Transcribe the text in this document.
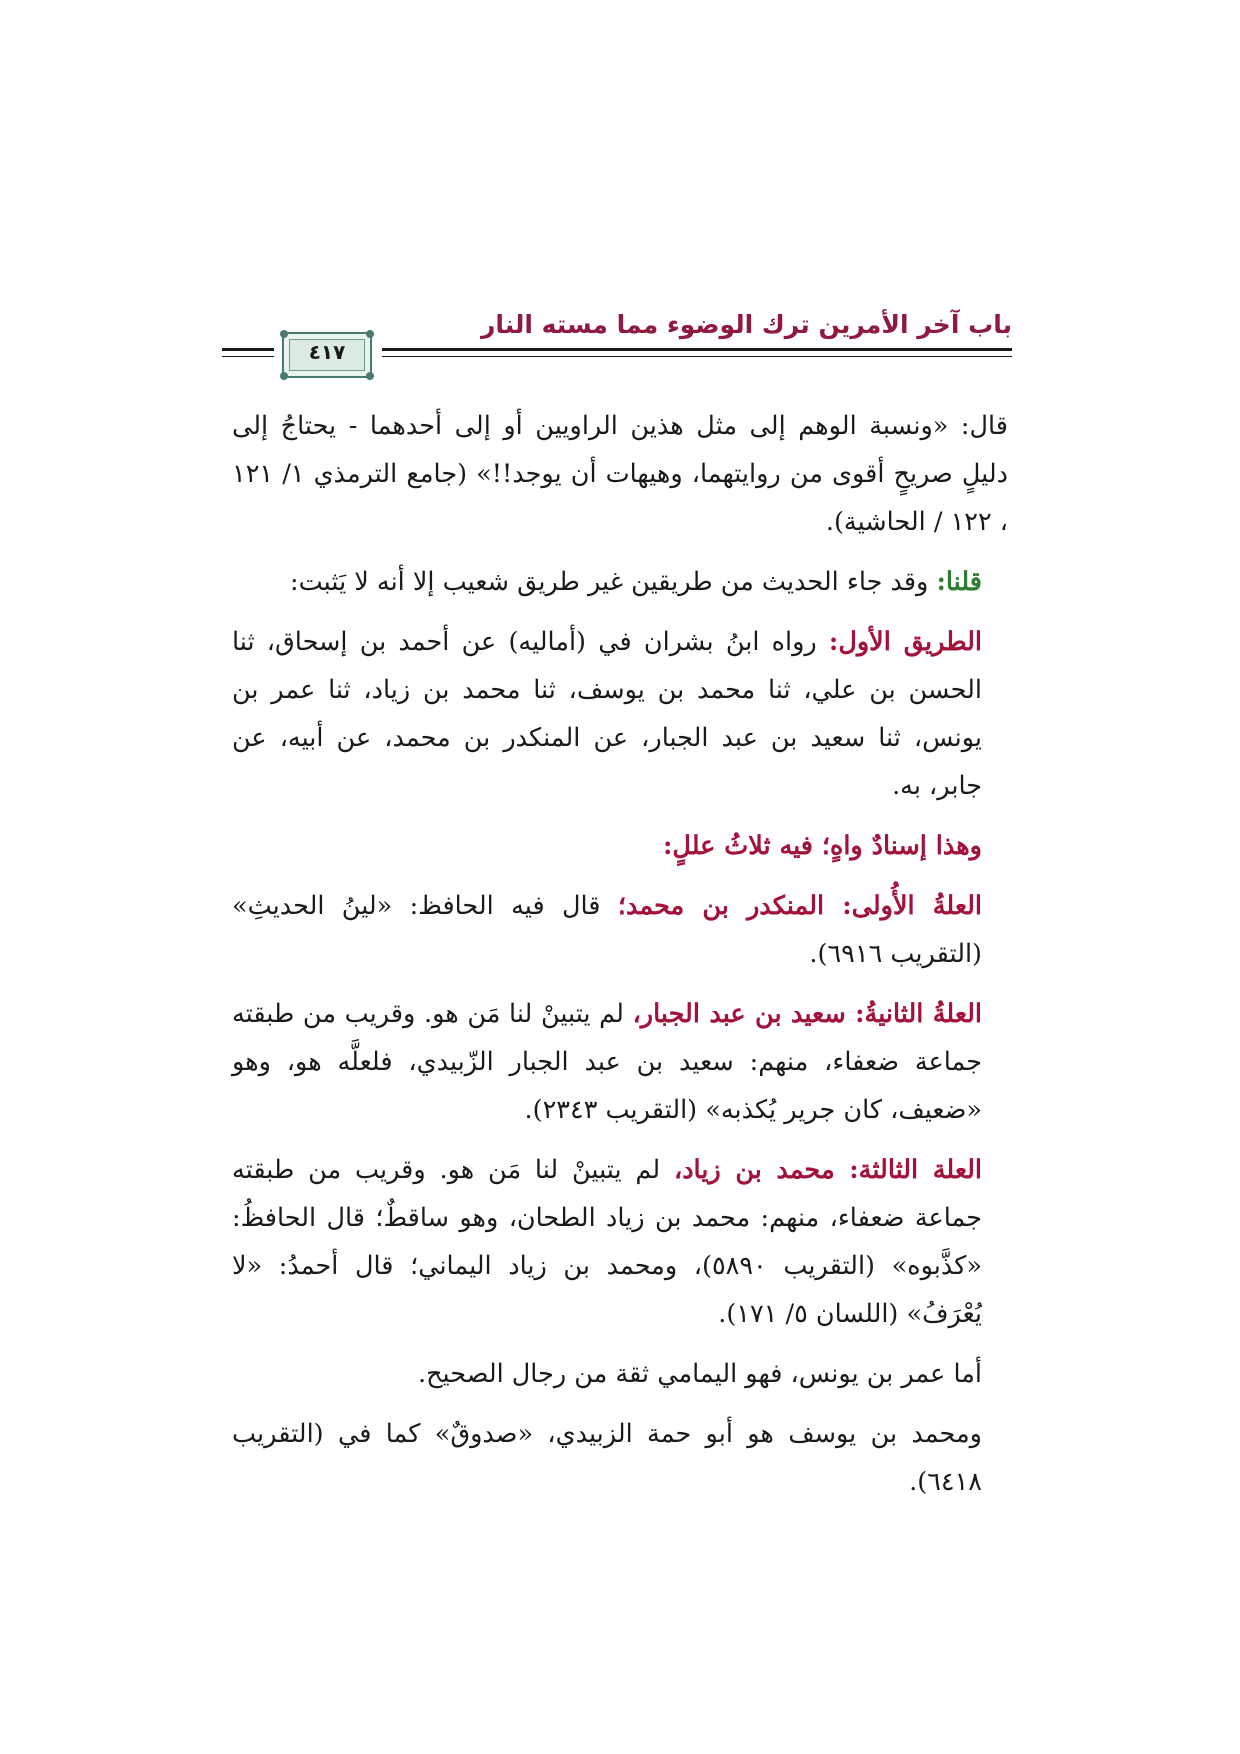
باب آخر الأمرين ترك الوضوء مما مسته النار
٤١٧

قال: «ونسبة الوهم إلى مثل هذين الراويين أو إلى أحدهما - يحتاجُ إلى دليلٍ صريحٍ أقوى من روايتهما، وهيهات أن يوجد!!» (جامع الترمذي ١/ ١٢١ ، ١٢٢ / الحاشية).

قلنا: وقد جاء الحديث من طريقين غير طريق شعيب إلا أنه لا يَثبت:

الطريق الأول: رواه ابنُ بشران في (أماليه) عن أحمد بن إسحاق، ثنا الحسن بن علي، ثنا محمد بن يوسف، ثنا محمد بن زياد، ثنا عمر بن يونس، ثنا سعيد بن عبد الجبار، عن المنكدر بن محمد، عن أبيه، عن جابر، به.

وهذا إسنادٌ واهٍ؛ فيه ثلاثُ عللٍ:

العلةُ الأُولى: المنكدر بن محمد؛ قال فيه الحافظ: «لينُ الحديثِ» (التقريب ٦٩١٦).

العلةُ الثانيةُ: سعيد بن عبد الجبار، لم يتبينْ لنا مَن هو. وقريب من طبقته جماعة ضعفاء، منهم: سعيد بن عبد الجبار الزّبيدي، فلعلَّه هو، وهو «ضعيف، كان جرير يُكذبه» (التقريب ٢٣٤٣).

العلة الثالثة: محمد بن زياد، لم يتبينْ لنا مَن هو. وقريب من طبقته جماعة ضعفاء، منهم: محمد بن زياد الطحان، وهو ساقطٌ؛ قال الحافظُ: «كذَّبوه» (التقريب ٥٨٩٠)، ومحمد بن زياد اليماني؛ قال أحمدُ: «لا يُعْرَفُ» (اللسان ٥/ ١٧١).

أما عمر بن يونس، فهو اليمامي ثقة من رجال الصحيح.

ومحمد بن يوسف هو أبو حمة الزبيدي، «صدوقٌ» كما في (التقريب ٦٤١٨).
